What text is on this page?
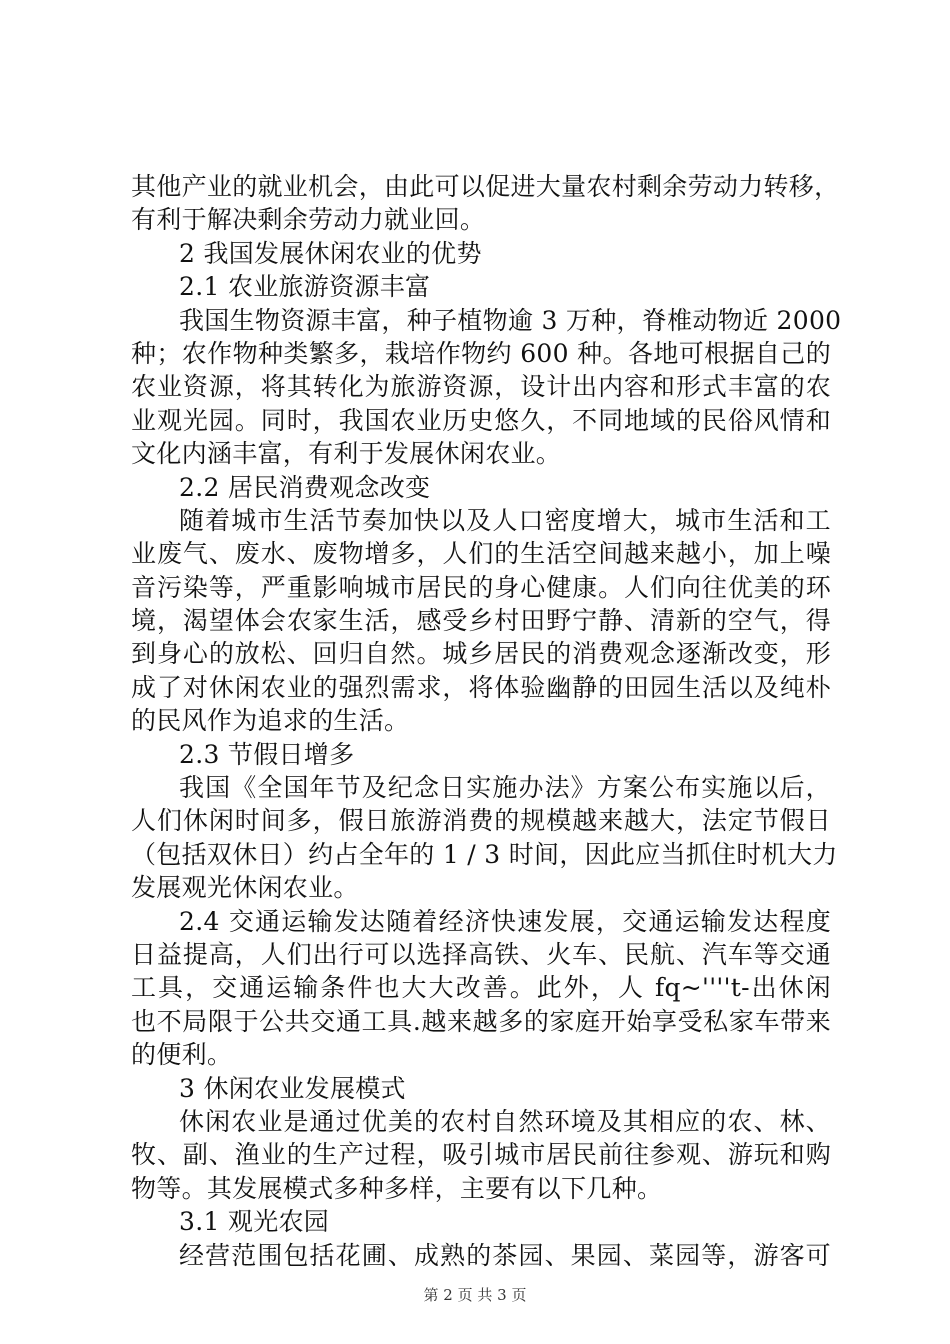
其他产业的就业机会，由此可以促进大量农村剩余劳动力转移，
有利于解决剩余劳动力就业回。
2 我国发展休闲农业的优势
2.1 农业旅游资源丰富
我国生物资源丰富，种子植物逾 3 万种，脊椎动物近 2000
种；农作物种类繁多，栽培作物约 600 种。各地可根据自己的
农业资源，将其转化为旅游资源，设计出内容和形式丰富的农
业观光园。同时，我国农业历史悠久，不同地域的民俗风情和
文化内涵丰富，有利于发展休闲农业。
2.2 居民消费观念改变
随着城市生活节奏加快以及人口密度增大，城市生活和工
业废气、废水、废物增多，人们的生活空间越来越小，加上噪
音污染等，严重影响城市居民的身心健康。人们向往优美的环
境，渴望体会农家生活，感受乡村田野宁静、清新的空气，得
到身心的放松、回归自然。城乡居民的消费观念逐渐改变，形
成了对休闲农业的强烈需求，将体验幽静的田园生活以及纯朴
的民风作为追求的生活。
2.3 节假日增多
我国《全国年节及纪念日实施办法》方案公布实施以后，
人们休闲时间多，假日旅游消费的规模越来越大，法定节假日
（包括双休日）约占全年的 1 / 3 时间，因此应当抓住时机大力
发展观光休闲农业。
2.4 交通运输发达随着经济快速发展，交通运输发达程度
日益提高，人们出行可以选择高铁、火车、民航、汽车等交通
工具，交通运输条件也大大改善。此外，人 fq~''''t-出休闲
也不局限于公共交通工具.越来越多的家庭开始享受私家车带来
的便利。
3 休闲农业发展模式
休闲农业是通过优美的农村自然环境及其相应的农、林、
牧、副、渔业的生产过程，吸引城市居民前往参观、游玩和购
物等。其发展模式多种多样，主要有以下几种。
3.1 观光农园
经营范围包括花圃、成熟的茶园、果园、菜园等，游客可
第 2 页 共 3 页
